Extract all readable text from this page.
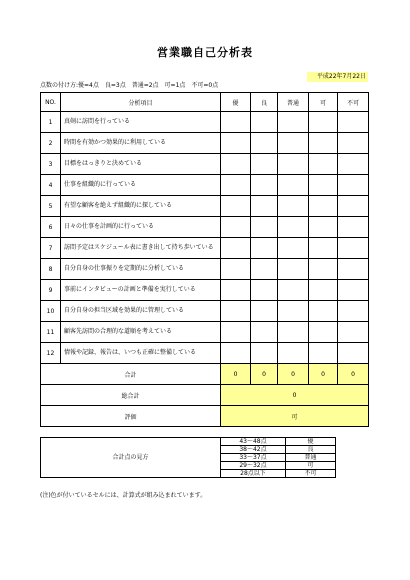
営業職自己分析表
平成22年7月22日
点数の付け方:優=4点　良=3点　普通=2点　可=1点　不可=0点
NO.	分析項目	優	良	普通	可	不可
1	真剣に訪問を行っている					
2	時間を有効かつ効果的に利用している					
3	目標をはっきりと決めている					
4	仕事を組織的に行っている					
5	有望な顧客を絶えず組織的に探している					
6	日々の仕事を計画的に行っている					
7	訪問予定はスケジュール表に書き出して持ち歩いている					
8	自分自身の仕事振りを定期的に分析している					
9	事前にインタビューの計画と準備を実行している					
10	自分自身の担当区域を効果的に管理している					
11	顧客先訪問の合理的な道順を考えている					
12	情報や記録、報告は、いつも正確に整備している					
合計		0	0	0	0	0
総合計		0				
評価		可				
合計点の見方	43～48点	優
	38～42点	良
	33～37点	普通
	29～32点	可
	28点以下	不可
(注)色が付いているセルには、計算式が組み込まれています。
